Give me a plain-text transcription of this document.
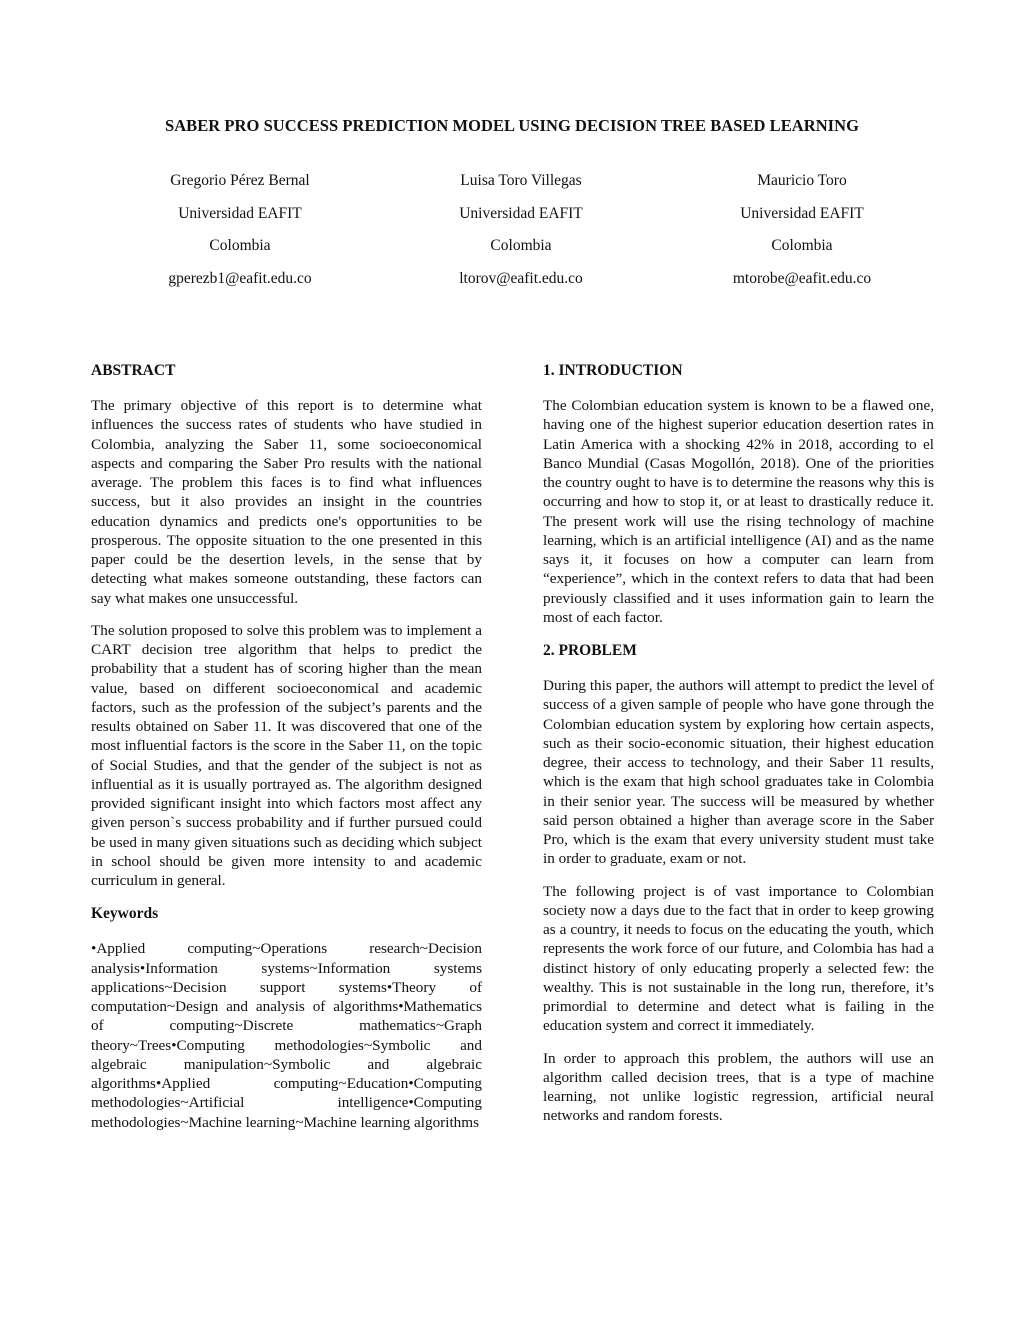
SABER PRO SUCCESS PREDICTION MODEL USING DECISION TREE BASED LEARNING
Gregorio Pérez Bernal
Universidad EAFIT
Colombia
gperezb1@eafit.edu.co
Luisa Toro Villegas
Universidad EAFIT
Colombia
ltorov@eafit.edu.co
Mauricio Toro
Universidad EAFIT
Colombia
mtorobe@eafit.edu.co
ABSTRACT

The primary objective of this report is to determine what influences the success rates of students who have studied in Colombia, analyzing the Saber 11, some socioeconomical aspects and comparing the Saber Pro results with the national average. The problem this faces is to find what influences success, but it also provides an insight in the countries education dynamics and predicts one's opportunities to be prosperous. The opposite situation to the one presented in this paper could be the desertion levels, in the sense that by detecting what makes someone outstanding, these factors can say what makes one unsuccessful.

The solution proposed to solve this problem was to implement a CART decision tree algorithm that helps to predict the probability that a student has of scoring higher than the mean value, based on different socioeconomical and academic factors, such as the profession of the subject’s parents and the results obtained on Saber 11. It was discovered that one of the most influential factors is the score in the Saber 11, on the topic of Social Studies, and that the gender of the subject is not as influential as it is usually portrayed as. The algorithm designed provided significant insight into which factors most affect any given person`s success probability and if further pursued could be used in many given situations such as deciding which subject in school should be given more intensity to and academic curriculum in general.

Keywords

•Applied computing~Operations research~Decision analysis•Information systems~Information systems applications~Decision support systems•Theory of computation~Design and analysis of algorithms•Mathematics of computing~Discrete mathematics~Graph theory~Trees•Computing methodologies~Symbolic and algebraic manipulation~Symbolic and algebraic algorithms•Applied computing~Education•Computing methodologies~Artificial intelligence•Computing methodologies~Machine learning~Machine learning algorithms

1. INTRODUCTION

The Colombian education system is known to be a flawed one, having one of the highest superior education desertion rates in Latin America with a shocking 42% in 2018, according to el Banco Mundial (Casas Mogollón, 2018). One of the priorities the country ought to have is to determine the reasons why this is occurring and how to stop it, or at least to drastically reduce it. The present work will use the rising technology of machine learning, which is an artificial intelligence (AI) and as the name says it, it focuses on how a computer can learn from “experience”, which in the context refers to data that had been previously classified and it uses information gain to learn the most of each factor.

2. PROBLEM

During this paper, the authors will attempt to predict the level of success of a given sample of people who have gone through the Colombian education system by exploring how certain aspects, such as their socio-economic situation, their highest education degree, their access to technology, and their Saber 11 results, which is the exam that high school graduates take in Colombia in their senior year. The success will be measured by whether said person obtained a higher than average score in the Saber Pro, which is the exam that every university student must take in order to graduate, exam or not.

The following project is of vast importance to Colombian society now a days due to the fact that in order to keep growing as a country, it needs to focus on the educating the youth, which represents the work force of our future, and Colombia has had a distinct history of only educating properly a selected few: the wealthy. This is not sustainable in the long run, therefore, it’s primordial to determine and detect what is failing in the education system and correct it immediately.

In order to approach this problem, the authors will use an algorithm called decision trees, that is a type of machine learning, not unlike logistic regression, artificial neural networks and random forests.
